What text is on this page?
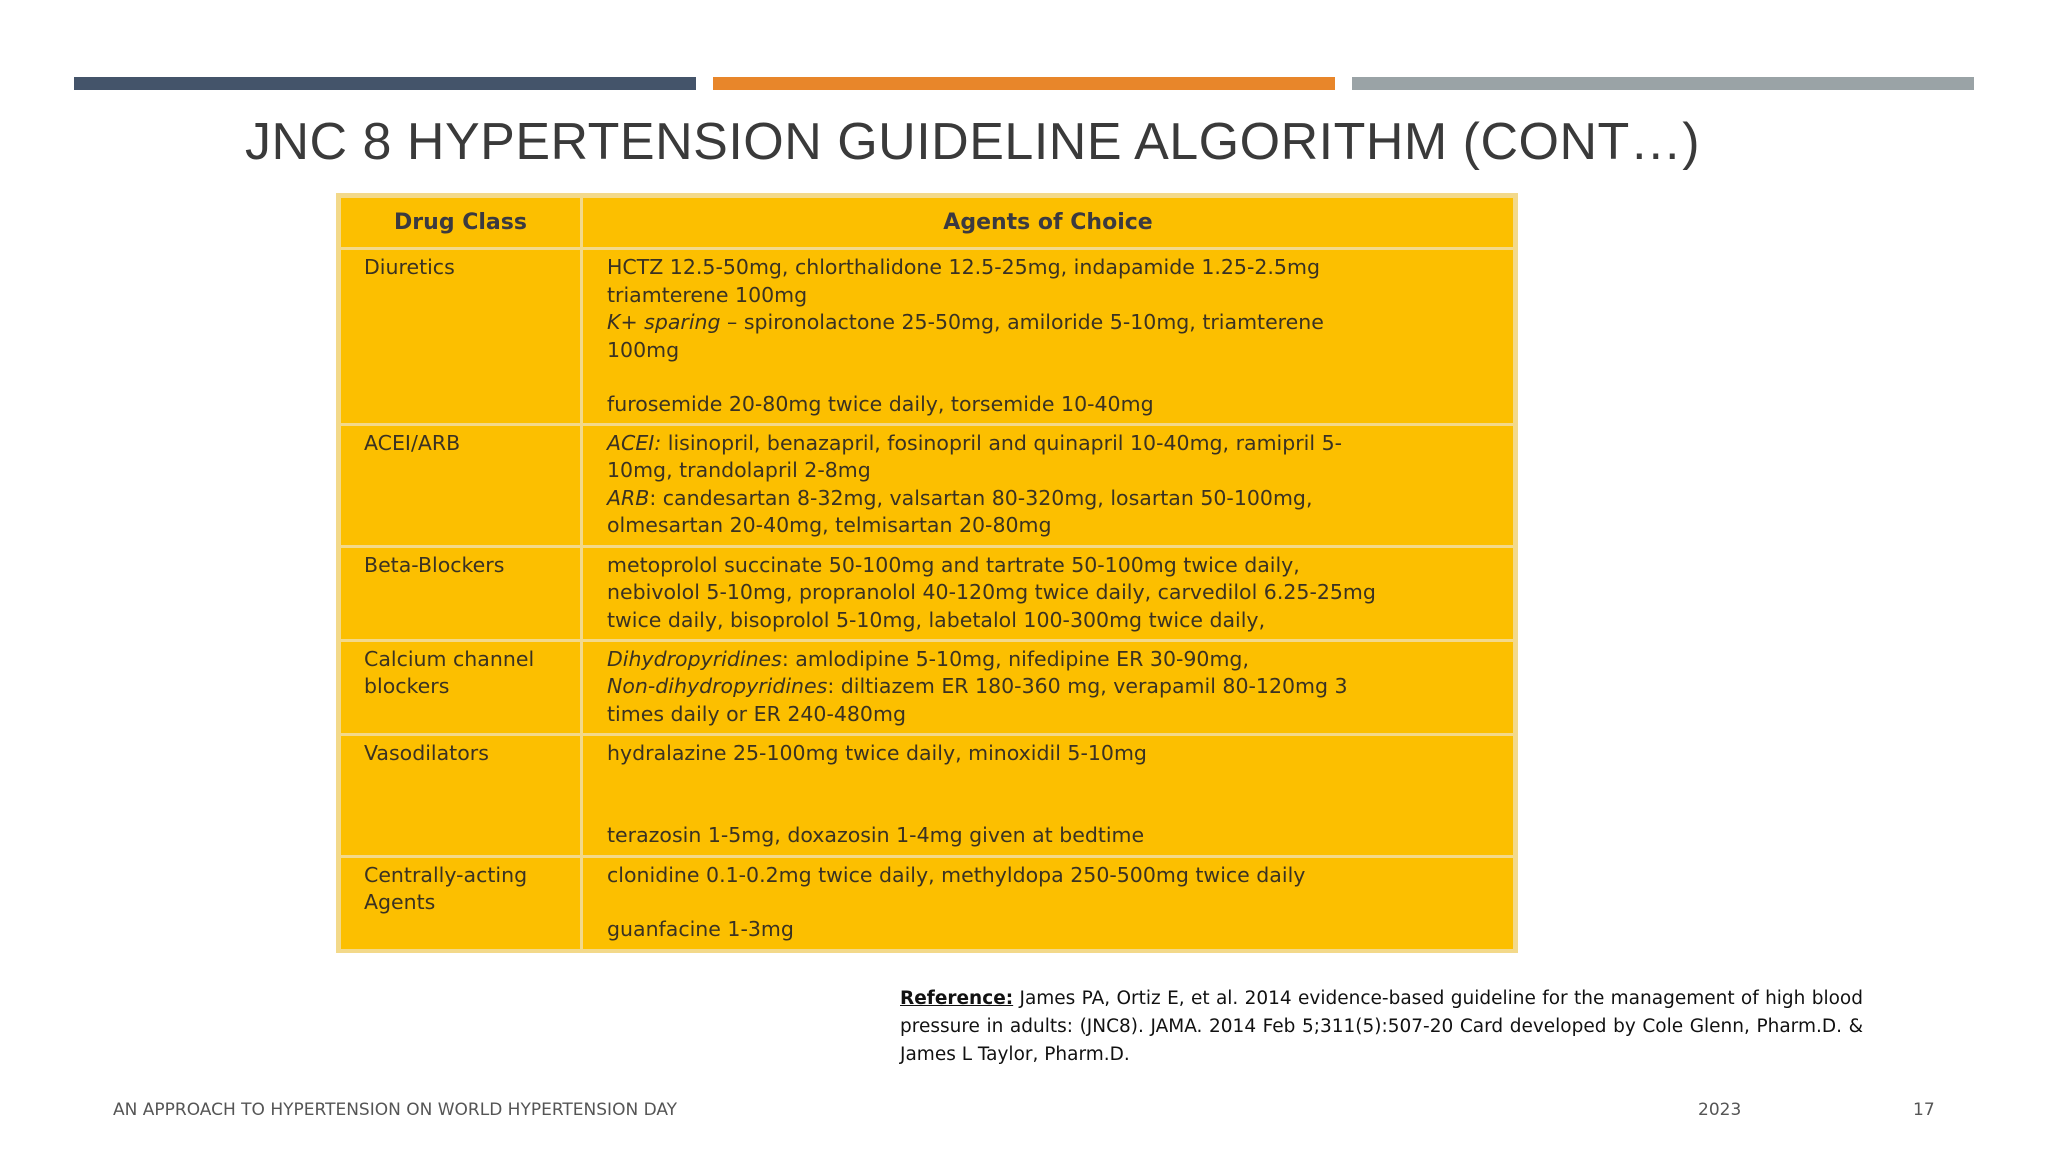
JNC 8 HYPERTENSION GUIDELINE ALGORITHM (CONT…)
Drug Class	Agents of Choice

Diuretics	HCTZ 12.5-50mg, chlorthalidone 12.5-25mg, indapamide 1.25-2.5mg
triamterene 100mg
K+ sparing – spironolactone 25-50mg, amiloride 5-10mg, triamterene
100mg
furosemide 20-80mg twice daily, torsemide 10-40mg

ACEI/ARB	ACEI: lisinopril, benazapril, fosinopril and quinapril 10-40mg, ramipril 5-
10mg, trandolapril 2-8mg
ARB: candesartan 8-32mg, valsartan 80-320mg, losartan 50-100mg,
olmesartan 20-40mg, telmisartan 20-80mg

Beta-Blockers	metoprolol succinate 50-100mg and tartrate 50-100mg twice daily,
nebivolol 5-10mg, propranolol 40-120mg twice daily, carvedilol 6.25-25mg
twice daily, bisoprolol 5-10mg, labetalol 100-300mg twice daily,

Calcium channel
blockers	Dihydropyridines: amlodipine 5-10mg, nifedipine ER 30-90mg,
Non-dihydropyridines: diltiazem ER 180-360 mg, verapamil 80-120mg 3
times daily or ER 240-480mg

Vasodilators	hydralazine 25-100mg twice daily, minoxidil 5-10mg
terazosin 1-5mg, doxazosin 1-4mg given at bedtime

Centrally-acting
Agents	clonidine 0.1-0.2mg twice daily, methyldopa 250-500mg twice daily
guanfacine 1-3mg
Reference: James PA, Ortiz E, et al. 2014 evidence-based guideline for the management of high blood pressure in adults: (JNC8). JAMA. 2014 Feb 5;311(5):507-20 Card developed by Cole Glenn, Pharm.D. & James L Taylor, Pharm.D.
AN APPROACH TO HYPERTENSION ON WORLD HYPERTENSION DAY	2023	17
